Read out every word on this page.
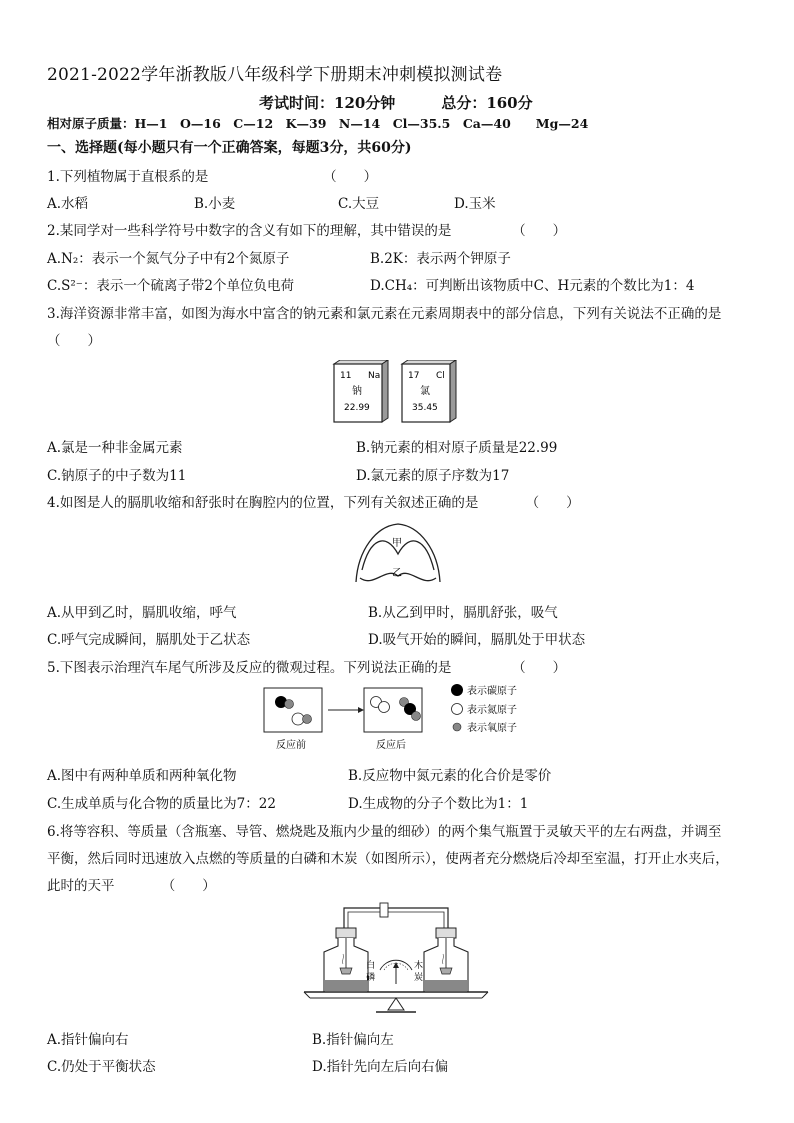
2021-2022学年浙教版八年级科学下册期末冲刺模拟测试卷
考试时间：120分钟	总分：160分
相对原子质量：H—1　O—16　C—12　K—39　N—14　Cl—35.5　Ca—40　　Mg—24
一、选择题(每小题只有一个正确答案，每题3分，共60分)
1.下列植物属于直根系的是　　　　　　　　　（　　）
A.水稻	B.小麦	C.大豆	D.玉米
2.某同学对一些科学符号中数字的含义有如下的理解，其中错误的是　　　　　（　　）
A.N₂：表示一个氮气分子中有2个氮原子	B.2K：表示两个钾原子
C.S²⁻：表示一个硫离子带2个单位负电荷	D.CH₄：可判断出该物质中C、H元素的个数比为1：4
3.海洋资源非常丰富，如图为海水中富含的钠元素和氯元素在元素周期表中的部分信息，下列有关说法不正确的是
（　　）
11 Na
钠
22.99
17 Cl
氯
35.45
A.氯是一种非金属元素	B.钠元素的相对原子质量是22.99
C.钠原子的中子数为11	D.氯元素的原子序数为17
4.如图是人的膈肌收缩和舒张时在胸腔内的位置，下列有关叙述正确的是　　　　（　　）
甲
乙
A.从甲到乙时，膈肌收缩，呼气	B.从乙到甲时，膈肌舒张，吸气
C.呼气完成瞬间，膈肌处于乙状态	D.吸气开始的瞬间，膈肌处于甲状态
5.下图表示治理汽车尾气所涉及反应的微观过程。下列说法正确的是　　　　　（　　）
表示碳原子
表示氮原子
表示氧原子
反应前	反应后
A.图中有两种单质和两种氧化物	B.反应物中氮元素的化合价是零价
C.生成单质与化合物的质量比为7：22	D.生成物的分子个数比为1：1
6.将等容积、等质量（含瓶塞、导管、燃烧匙及瓶内少量的细砂）的两个集气瓶置于灵敏天平的左右两盘，并调至
平衡，然后同时迅速放入点燃的等质量的白磷和木炭（如图所示），使两者充分燃烧后冷却至室温，打开止水夹后，
此时的天平　　　　（　　）
白
磷
木
炭
A.指针偏向右	B.指针偏向左
C.仍处于平衡状态	D.指针先向左后向右偏
